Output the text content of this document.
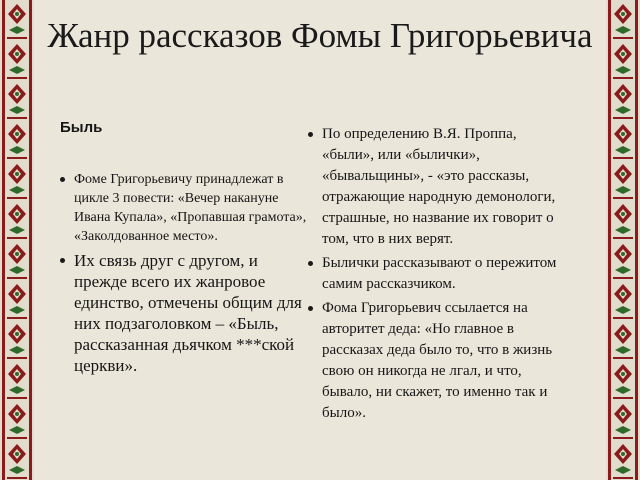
Жанр рассказов Фомы Григорьевича

Быль

Фоме Григорьевичу принадлежат в цикле 3 повести: «Вечер накануне Ивана Купала», «Пропавшая грамота», «Заколдованное место».
Их связь друг с другом, и прежде всего их жанровое единство, отмечены общим для них подзаголовком – «Быль, рассказанная дьячком ***ской церкви».
По определению В.Я. Проппа, «были», или «былички», «бывальщины», - «это рассказы, отражающие народную демонологи, страшные, но название их говорит о том, что в них верят.
Былички рассказывают о пережитом самим рассказчиком.
Фома Григорьевич ссылается на авторитет деда: «Но главное в рассказах деда было то, что в жизнь свою он никогда не лгал, и что, бывало, ни скажет, то именно так и было».
